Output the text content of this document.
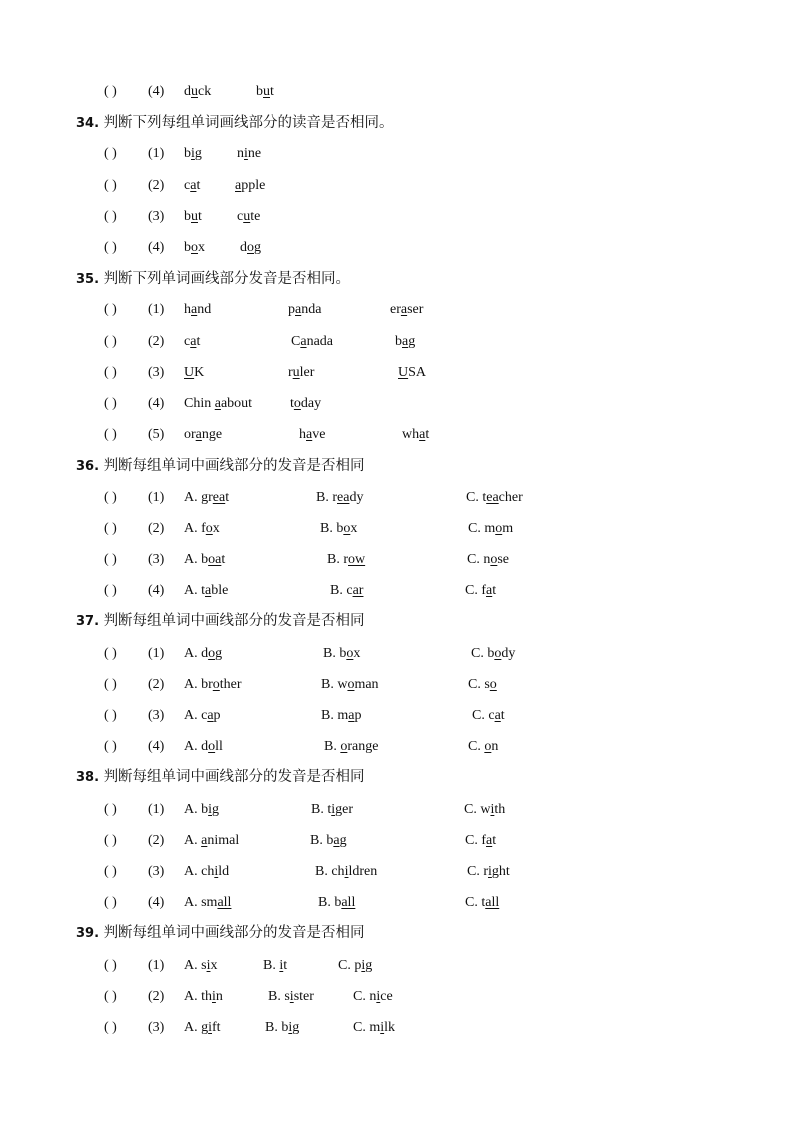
( ) (4) duck	but
34. 判断下列每组单词画线部分的读音是否相同。
( ) (1) big	nine
( ) (2) cat apple
( ) (3) but	cute
( ) (4) box	dog
35. 判断下列单词画线部分发音是否相同。
( ) (1) hand	panda	eraser
( ) (2) cat	Canada	bag
( ) (3) UK	ruler	USA
( ) (4) Chin aabout	today
( ) (5) orange	have	what
36. 判断每组单词中画线部分的发音是否相同
( ) (1) A. great	B. ready	C. teacher
( ) (2) A. fox	B. box	C. mom
( ) (3) A. boat	B. row	C. nose
( ) (4) A. table	B. car	C. fat
37. 判断每组单词中画线部分的发音是否相同
( ) (1) A. dog	B. box	C. body
( ) (2) A. brother	B. woman	C. so
( ) (3) A. cap	B. map	C. cat
( ) (4) A. doll	B. orange	C. on
38. 判断每组单词中画线部分的发音是否相同
( ) (1) A. big	B. tiger	C. with
( ) (2) A. animal	B. bag	C. fat
( ) (3) A. child	B. children	C. right
( ) (4) A. small	B. ball	C. tall
39. 判断每组单词中画线部分的发音是否相同
( ) (1) A. six	B. it	C. pig
( ) (2) A. thin	B. sister	C. nice
( ) (3) A. gift	B. big	C. milk
